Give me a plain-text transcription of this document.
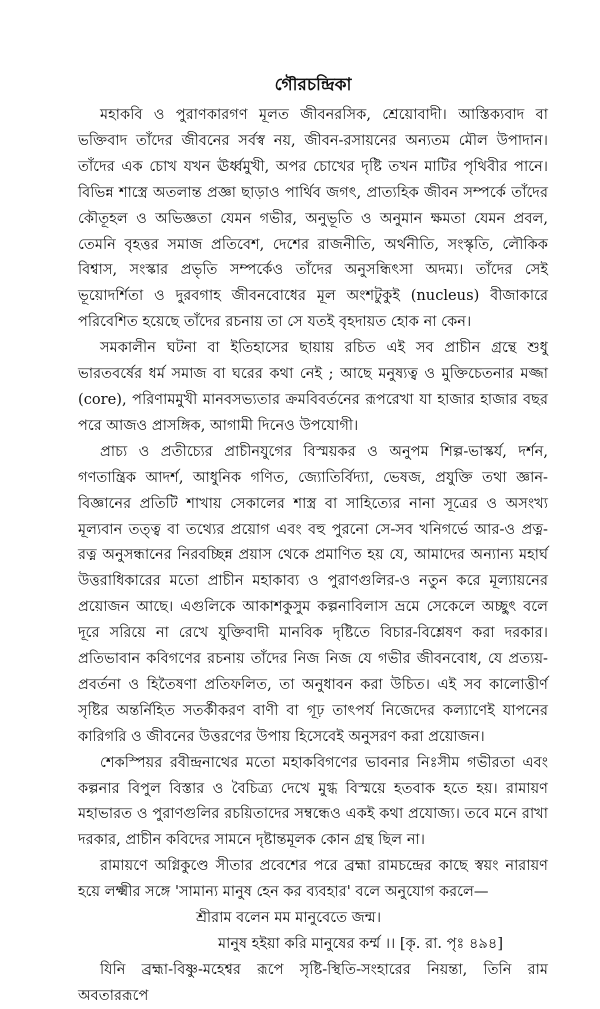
গৌরচন্দ্রিকা

মহাকবি ও পুরাণকারগণ মূলত জীবনরসিক, শ্রেয়োবাদী। আস্তিক্যবাদ বা ভক্তিবাদ তাঁদের জীবনের সর্বস্ব নয়, জীবন-রসায়নের অন্যতম মৌল উপাদান। তাঁদের এক চোখ যখন ঊর্ধ্বমুখী, অপর চোখের দৃষ্টি তখন মাটির পৃথিবীর পানে। বিভিন্ন শাস্ত্রে অতলান্ত প্রজ্ঞা ছাড়াও পার্থিব জগৎ, প্রাত্যহিক জীবন সম্পর্কে তাঁদের কৌতূহল ও অভিজ্ঞতা যেমন গভীর, অনুভূতি ও অনুমান ক্ষমতা যেমন প্রবল, তেমনি বৃহত্তর সমাজ প্রতিবেশ, দেশের রাজনীতি, অর্থনীতি, সংস্কৃতি, লৌকিক বিশ্বাস, সংস্কার প্রভৃতি সম্পর্কেও তাঁদের অনুসন্ধিৎসা অদম্য। তাঁদের সেই ভূয়োদর্শিতা ও দুরবগাহ জীবনবোধের মূল অংশটুকুই (nucleus) বীজাকারে পরিবেশিত হয়েছে তাঁদের রচনায় তা সে যতই বৃহদায়ত হোক না কেন।

সমকালীন ঘটনা বা ইতিহাসের ছায়ায় রচিত এই সব প্রাচীন গ্রন্থে শুধু ভারতবর্ষের ধর্ম সমাজ বা ঘরের কথা নেই ; আছে মনুষ্যত্ব ও মুক্তিচেতনার মজ্জা (core), পরিণামমুখী মানবসভ্যতার ক্রমবিবর্তনের রূপরেখা যা হাজার হাজার বছর পরে আজও প্রাসঙ্গিক, আগামী দিনেও উপযোগী।

প্রাচ্য ও প্রতীচ্যের প্রাচীনযুগের বিস্ময়কর ও অনুপম শিল্প-ভাস্কর্য, দর্শন, গণতান্ত্রিক আদর্শ, আধুনিক গণিত, জ্যোতির্বিদ্যা, ভেষজ, প্রযুক্তি তথা জ্ঞান-বিজ্ঞানের প্রতিটি শাখায় সেকালের শাস্ত্র বা সাহিত্যের নানা সূত্রের ও অসংখ্য মূল্যবান তত্ত্ব বা তথ্যের প্রয়োগ এবং বহু পুরনো সে-সব খনিগর্ভে আর-ও প্রত্ন-রত্ন অনুসন্ধানের নিরবচ্ছিন্ন প্রয়াস থেকে প্রমাণিত হয় যে, আমাদের অন্যান্য মহার্ঘ উত্তরাধিকারের মতো প্রাচীন মহাকাব্য ও পুরাণগুলির-ও নতুন করে মূল্যায়নের প্রয়োজন আছে। এগুলিকে আকাশকুসুম কল্পনাবিলাস ভ্রমে সেকেলে অচ্ছুৎ বলে দূরে সরিয়ে না রেখে যুক্তিবাদী মানবিক দৃষ্টিতে বিচার-বিশ্লেষণ করা দরকার। প্রতিভাবান কবিগণের রচনায় তাঁদের নিজ নিজ যে গভীর জীবনবোধ, যে প্রত্যয়-প্রবর্তনা ও হিতৈষণা প্রতিফলিত, তা অনুধাবন করা উচিত। এই সব কালোত্তীর্ণ সৃষ্টির অন্তর্নিহিত সতর্কীকরণ বাণী বা গূঢ় তাৎপর্য নিজেদের কল্যাণেই যাপনের কারিগরি ও জীবনের উত্তরণের উপায় হিসেবেই অনুসরণ করা প্রয়োজন।

শেকস্পিয়র রবীন্দ্রনাথের মতো মহাকবিগণের ভাবনার নিঃসীম গভীরতা এবং কল্পনার বিপুল বিস্তার ও বৈচিত্র্য দেখে মুগ্ধ বিস্ময়ে হতবাক হতে হয়। রামায়ণ মহাভারত ও পুরাণগুলির রচয়িতাদের সম্বন্ধেও একই কথা প্রযোজ্য। তবে মনে রাখা দরকার, প্রাচীন কবিদের সামনে দৃষ্টান্তমূলক কোন গ্রন্থ ছিল না।

রামায়ণে অগ্নিকুণ্ডে সীতার প্রবেশের পরে ব্রহ্মা রামচন্দ্রের কাছে স্বয়ং নারায়ণ হয়ে লক্ষ্মীর সঙ্গে 'সামান্য মানুষ হেন কর ব্যবহার' বলে অনুযোগ করলে—

শ্রীরাম বলেন মম মানুবেতে জন্ম।

মানুষ হইয়া করি মানুষের কর্ম্ম ।। [কৃ. রা. পৃঃ ৪৯৪]

যিনি ব্রহ্মা-বিষ্ণু-মহেশ্বর রূপে সৃষ্টি-স্থিতি-সংহারের নিয়ন্তা, তিনি রাম অবতাররূপে
